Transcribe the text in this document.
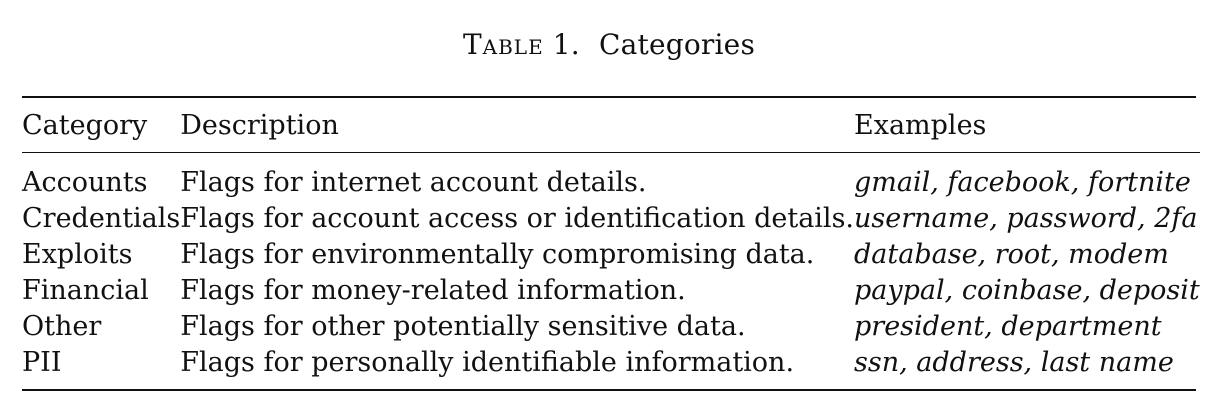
Table 1. Categories
Category	Description	Examples

Accounts	Flags for internet account details.	gmail, facebook, fortnite
Credentials	Flags for account access or identification details.	username, password, 2fa
Exploits	Flags for environmentally compromising data.	database, root, modem
Financial	Flags for money-related information.	paypal, coinbase, deposit
Other	Flags for other potentially sensitive data.	president, department
PII	Flags for personally identifiable information.	ssn, address, last name
